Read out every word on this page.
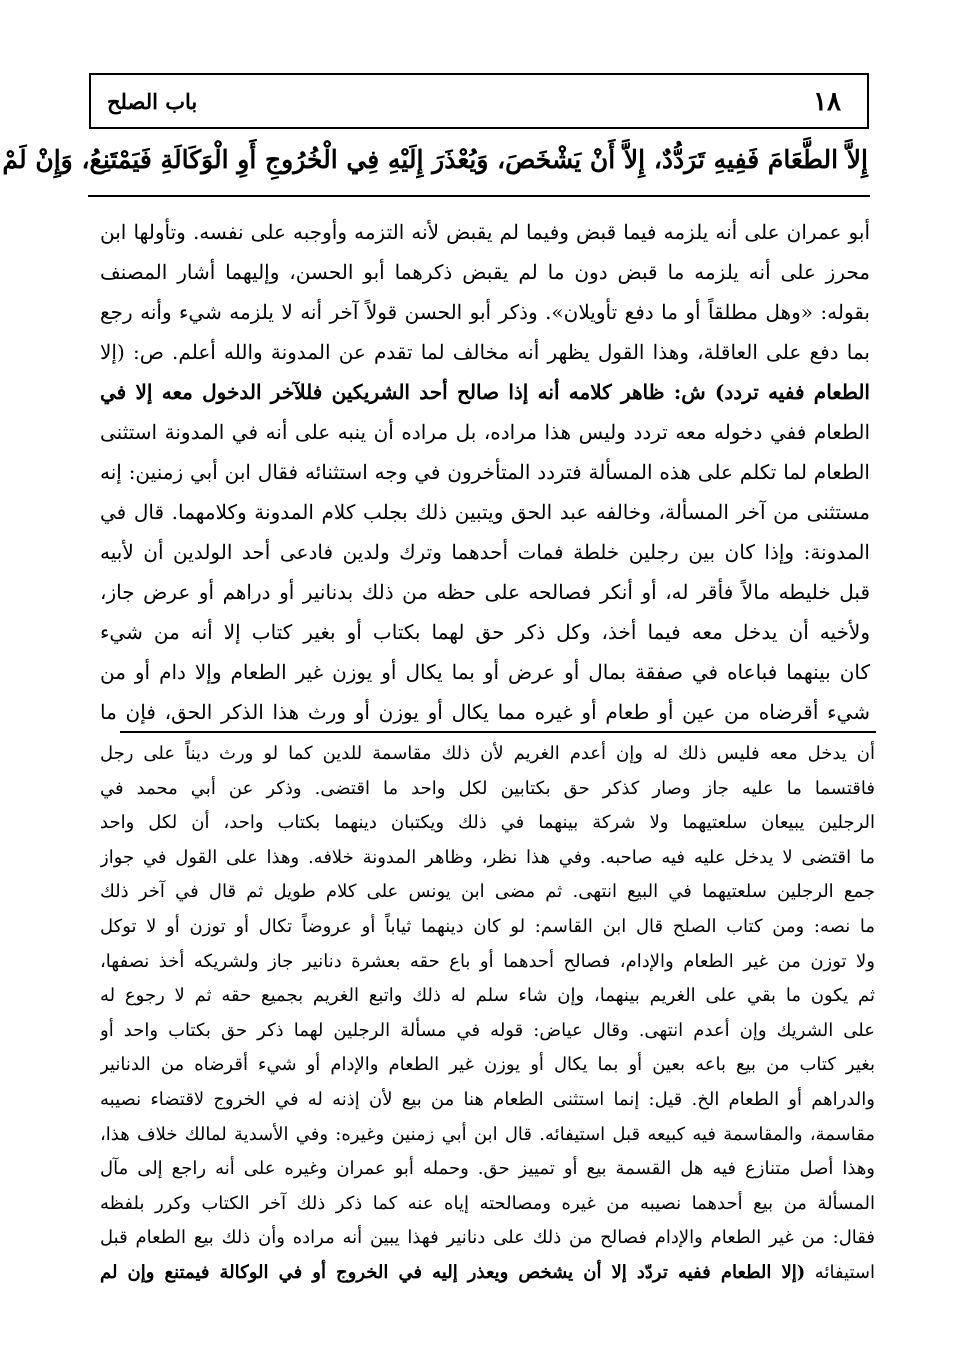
١٨
باب الصلح
إِلاَّ الطَّعَامَ فَفِيهِ تَرَدُّدٌ، إِلاَّ أَنْ يَشْخَصَ، وَيُعْذَرَ إِلَيْهِ فِي الْخُرُوجِ أَوِ الْوَكَالَةِ فَيَمْتَنِعُ، وَإِنْ لَمْ
أبو عمران على أنه يلزمه فيما قبض وفيما لم يقبض لأنه التزمه وأوجبه على نفسه. وتأولها ابن
محرز على أنه يلزمه ما قبض دون ما لم يقبض ذكرهما أبو الحسن، وإليهما أشار المصنف
بقوله: «وهل مطلقاً أو ما دفع تأويلان». وذكر أبو الحسن قولاً آخر أنه لا يلزمه شيء وأنه رجع
بما دفع على العاقلة، وهذا القول يظهر أنه مخالف لما تقدم عن المدونة والله أعلم. ص: (إلا
الطعام ففيه تردد) ش: ظاهر كلامه أنه إذا صالح أحد الشريكين فللآخر الدخول معه إلا في
الطعام ففي دخوله معه تردد وليس هذا مراده، بل مراده أن ينبه على أنه في المدونة استثنى
الطعام لما تكلم على هذه المسألة فتردد المتأخرون في وجه استثنائه فقال ابن أبي زمنين: إنه
مستثنى من آخر المسألة، وخالفه عبد الحق ويتبين ذلك بجلب كلام المدونة وكلامهما. قال في
المدونة: وإذا كان بين رجلين خلطة فمات أحدهما وترك ولدين فادعى أحد الولدين أن لأبيه
قبل خليطه مالاً فأقر له، أو أنكر فصالحه على حظه من ذلك بدنانير أو دراهم أو عرض جاز،
ولأخيه أن يدخل معه فيما أخذ، وكل ذكر حق لهما بكتاب أو بغير كتاب إلا أنه من شيء
كان بينهما فباعاه في صفقة بمال أو عرض أو بما يكال أو يوزن غير الطعام وإلا دام أو من
شيء أقرضاه من عين أو طعام أو غيره مما يكال أو يوزن أو ورث هذا الذكر الحق، فإن ما
أن يدخل معه فليس ذلك له وإن أعدم الغريم لأن ذلك مقاسمة للدين كما لو ورث ديناً على رجل
فاقتسما ما عليه جاز وصار كذكر حق بكتابين لكل واحد ما اقتضى. وذكر عن أبي محمد في
الرجلين يبيعان سلعتيهما ولا شركة بينهما في ذلك ويكتبان دينهما بكتاب واحد، أن لكل واحد
ما اقتضى لا يدخل عليه فيه صاحبه. وفي هذا نظر، وظاهر المدونة خلافه. وهذا على القول في جواز
جمع الرجلين سلعتيهما في البيع انتهى. ثم مضى ابن يونس على كلام طويل ثم قال في آخر ذلك
ما نصه: ومن كتاب الصلح قال ابن القاسم: لو كان دينهما ثياباً أو عروضاً تكال أو توزن أو لا توكل
ولا توزن من غير الطعام والإدام، فصالح أحدهما أو باع حقه بعشرة دنانير جاز ولشريكه أخذ نصفها،
ثم يكون ما بقي على الغريم بينهما، وإن شاء سلم له ذلك واتبع الغريم بجميع حقه ثم لا رجوع له
على الشريك وإن أعدم انتهى. وقال عياض: قوله في مسألة الرجلين لهما ذكر حق بكتاب واحد أو
بغير كتاب من بيع باعه بعين أو بما يكال أو يوزن غير الطعام والإدام أو شيء أقرضاه من الدنانير
والدراهم أو الطعام الخ. قيل: إنما استثنى الطعام هنا من بيع لأن إذنه له في الخروج لاقتضاء نصيبه
مقاسمة، والمقاسمة فيه كبيعه قبل استيفائه. قال ابن أبي زمنين وغيره: وفي الأسدية لمالك خلاف هذا،
وهذا أصل متنازع فيه هل القسمة بيع أو تمييز حق. وحمله أبو عمران وغيره على أنه راجع إلى مآل
المسألة من بيع أحدهما نصيبه من غيره ومصالحته إياه عنه كما ذكر ذلك آخر الكتاب وكرر بلفظه
فقال: من غير الطعام والإدام فصالح من ذلك على دنانير فهذا يبين أنه مراده وأن ذلك بيع الطعام قبل
استيفائه (إلا الطعام ففيه تردّد إلا أن يشخص ويعذر إليه في الخروج أو في الوكالة فيمتنع وإن لم
